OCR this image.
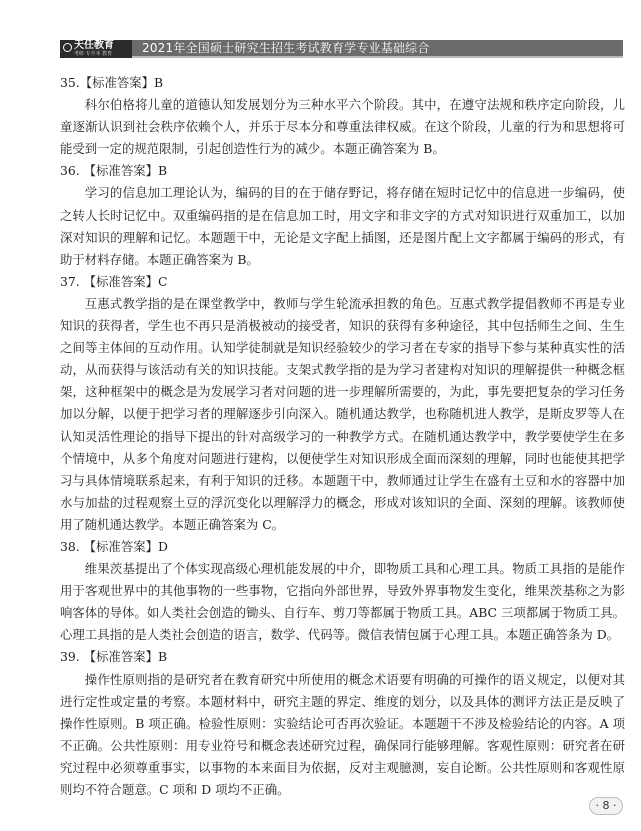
天任教育
考研 专升本 教育 2021年全国硕士研究生招生考试教育学专业基础综合

35.【标准答案】B

科尔伯格将儿童的道德认知发展划分为三种水平六个阶段。其中，在遵守法规和秩序定向阶段，儿童逐渐认识到社会秩序依赖个人，并乐于尽本分和尊重法律权威。在这个阶段，儿童的行为和思想将可能受到一定的规范限制，引起创造性行为的减少。本题正确答案为 B。

36. 【标准答案】B

学习的信息加工理论认为，编码的目的在于储存野记，将存储在短时记忆中的信息进一步编码，使之转人长时记忆中。双重编码指的是在信息加工时，用文字和非文字的方式对知识进行双重加工，以加深对知识的理解和记忆。本题题干中，无论是文字配上插图，还是图片配上文字都属于编码的形式，有助于材料存储。本题正确答案为 B。

37. 【标准答案】C

互惠式教学指的是在课堂教学中，教师与学生轮流承担教的角色。互惠式教学提倡教师不再是专业知识的获得者，学生也不再只是消极被动的接受者，知识的获得有多种途径，其中包括师生之间、生生之间等主体间的互动作用。认知学徒制就是知识经验较少的学习者在专家的指导下参与某种真实性的活动，从而获得与该活动有关的知识技能。支架式教学指的是为学习者建构对知识的理解提供一种概念框架，这种框架中的概念是为发展学习者对问题的进一步理解所需要的，为此，事先要把复杂的学习任务加以分解，以便于把学习者的理解逐步引向深入。随机通达教学，也称随机进人教学，是斯皮罗等人在认知灵活性理论的指导下提出的针对高级学习的一种教学方式。在随机通达教学中，教学要使学生在多个情境中，从多个角度对问题进行建构，以便使学生对知识形成全面而深刻的理解，同时也能使其把学习与具体情境联系起来，有利于知识的迁移。本题题干中，教师通过让学生在盛有土豆和水的容器中加水与加盐的过程观察土豆的浮沉变化以理解浮力的概念，形成对该知识的全面、深刻的理解。该教师使用了随机通达教学。本题正确答案为 C。

38. 【标准答案】D

维果茨基提出了个体实现高级心理机能发展的中介，即物质工具和心理工具。物质工具指的是能作用于客观世界中的其他事物的一些事物，它指向外部世界，导致外界事物发生变化，维果茨基称之为影响客体的导体。如人类社会创造的锄头、自行车、剪刀等都属于物质工具。ABC 三项都属于物质工具。心理工具指的是人类社会创造的语言，数学、代码等。微信表情包属于心理工具。本题正确答条为 D。

39. 【标准答案】B

操作性原则指的是研究者在教育研究中所使用的概念术语要有明确的可操作的语义规定，以便对其进行定性或定量的考察。本题材料中，研究主题的界定、维度的划分，以及具体的测评方法正是反映了操作性原则。B 项正确。检验性原则：实验结论可否再次验证。本题题干不涉及检验结论的内容。A 项不正确。公共性原则：用专业符号和概念表述研究过程，确保同行能够理解。客观性原则：研究者在研究过程中必须尊重事实，以事物的本来面目为依据，反对主观臆测，妄自论断。公共性原则和客观性原则均不符合题意。C 项和 D 项均不正确。

· 8 ·
